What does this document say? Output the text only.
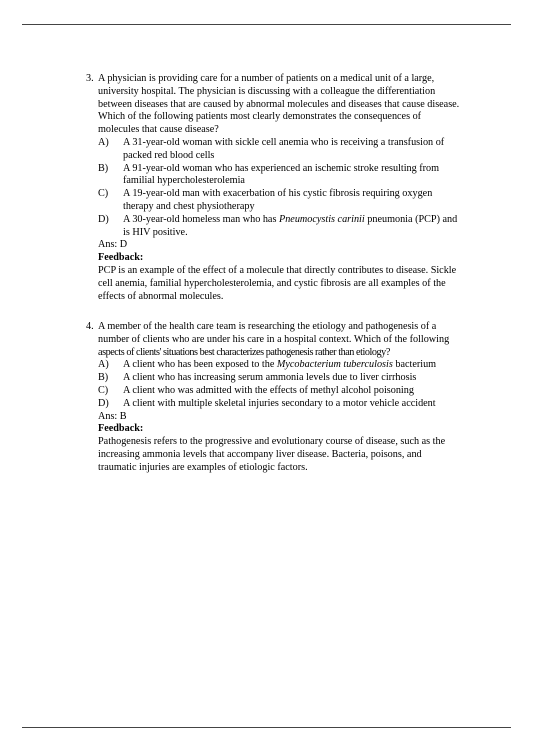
3. A physician is providing care for a number of patients on a medical unit of a large,
university hospital. The physician is discussing with a colleague the differentiation
between diseases that are caused by abnormal molecules and diseases that cause disease.
Which of the following patients most clearly demonstrates the consequences of
molecules that cause disease?
A)	A 31-year-old woman with sickle cell anemia who is receiving a transfusion of
packed red blood cells
B)	A 91-year-old woman who has experienced an ischemic stroke resulting from
familial hypercholesterolemia
C)	A 19-year-old man with exacerbation of his cystic fibrosis requiring oxygen
therapy and chest physiotherapy
D)	A 30-year-old homeless man who has Pneumocystis carinii pneumonia (PCP) and
is HIV positive.
Ans: D
Feedback:
PCP is an example of the effect of a molecule that directly contributes to disease. Sickle
cell anemia, familial hypercholesterolemia, and cystic fibrosis are all examples of the
effects of abnormal molecules.
4. A member of the health care team is researching the etiology and pathogenesis of a
number of clients who are under his care in a hospital context. Which of the following
aspects of clients' situations best characterizes pathogenesis rather than etiology?
A)	A client who has been exposed to the Mycobacterium tuberculosis bacterium
B)	A client who has increasing serum ammonia levels due to liver cirrhosis
C)	A client who was admitted with the effects of methyl alcohol poisoning
D)	A client with multiple skeletal injuries secondary to a motor vehicle accident
Ans: B
Feedback:
Pathogenesis refers to the progressive and evolutionary course of disease, such as the
increasing ammonia levels that accompany liver disease. Bacteria, poisons, and
traumatic injuries are examples of etiologic factors.
